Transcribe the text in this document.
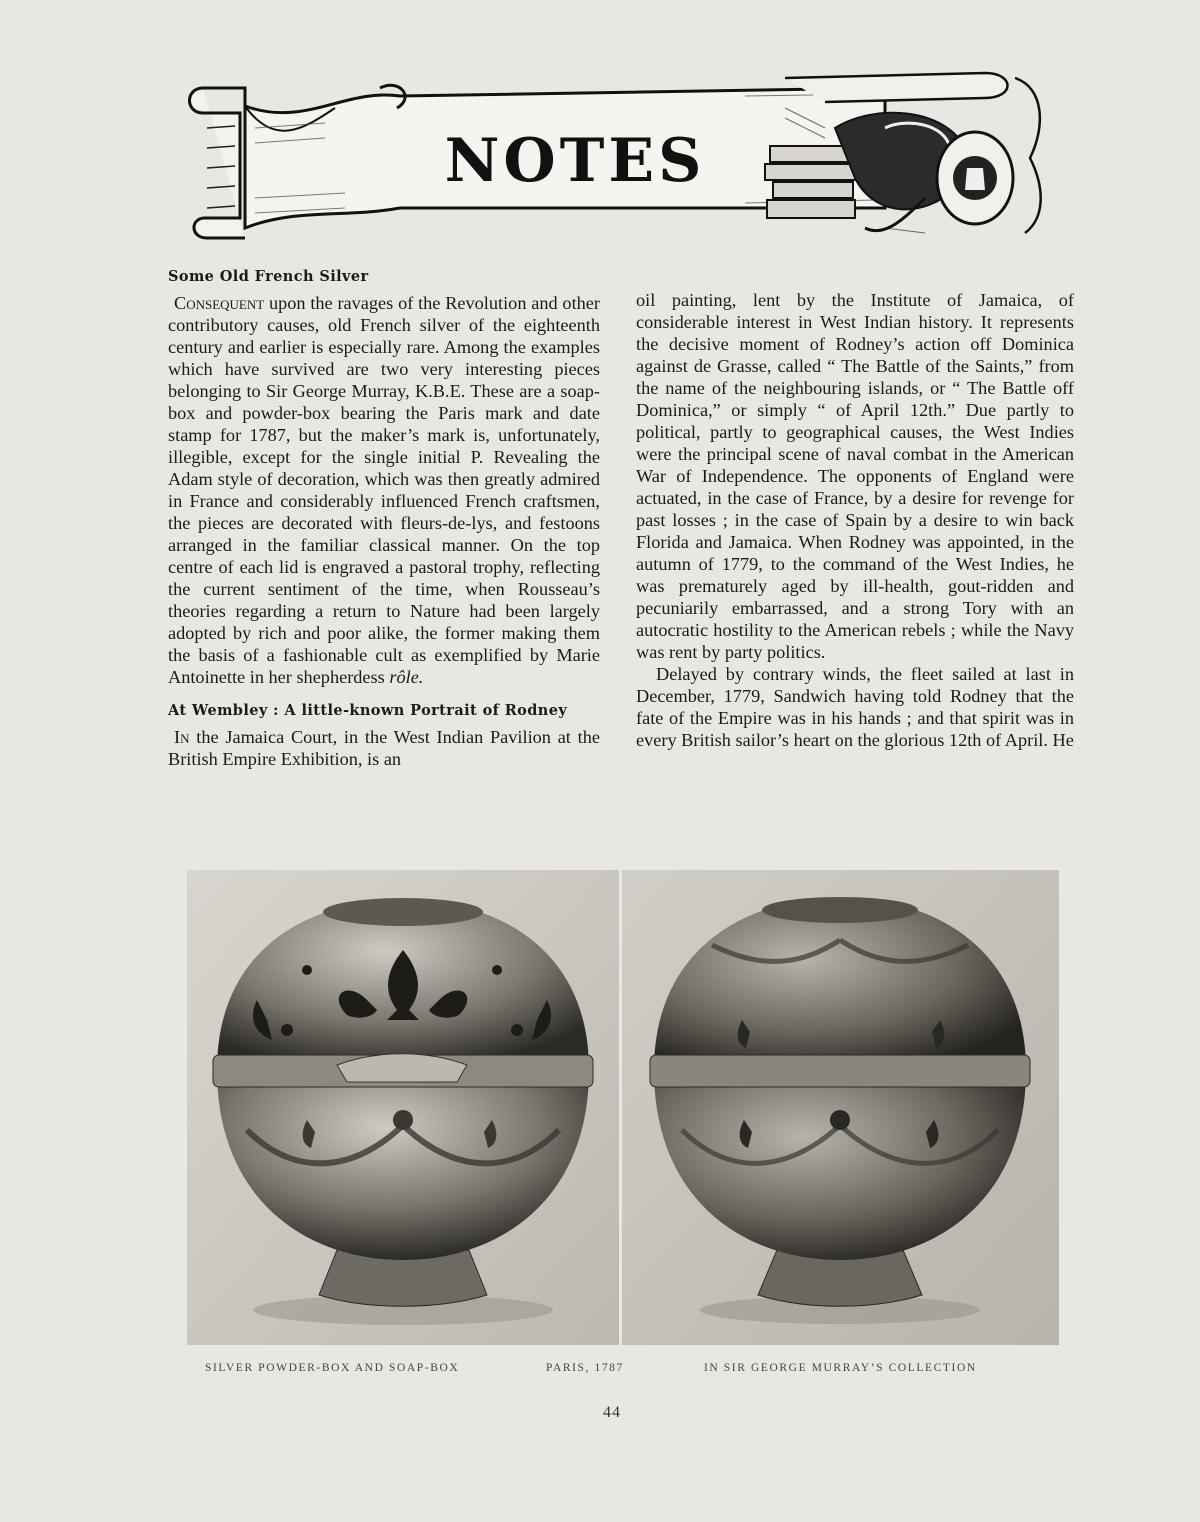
NOTES
Some Old French Silver

Consequent upon the ravages of the Revolution and other contributory causes, old French silver of the eighteenth century and earlier is especially rare. Among the examples which have survived are two very interesting pieces belonging to Sir George Murray, K.B.E. These are a soap-box and powder-box bearing the Paris mark and date stamp for 1787, but the maker’s mark is, unfortunately, illegible, except for the single initial P. Revealing the Adam style of decoration, which was then greatly admired in France and considerably influenced French craftsmen, the pieces are decorated with fleurs-de-lys, and festoons arranged in the familiar classical manner. On the top centre of each lid is engraved a pastoral trophy, reflecting the current sentiment of the time, when Rousseau’s theories regarding a return to Nature had been largely adopted by rich and poor alike, the former making them the basis of a fashionable cult as exemplified by Marie Antoinette in her shepherdess rôle.

At Wembley : A little-known Portrait of Rodney

In the Jamaica Court, in the West Indian Pavilion at the British Empire Exhibition, is an

oil painting, lent by the Institute of Jamaica, of considerable interest in West Indian history. It represents the decisive moment of Rodney’s action off Dominica against de Grasse, called “ The Battle of the Saints,” from the name of the neighbouring islands, or “ The Battle off Dominica,” or simply “ of April 12th.” Due partly to political, partly to geographical causes, the West Indies were the principal scene of naval combat in the American War of Independence. The opponents of England were actuated, in the case of France, by a desire for revenge for past losses ; in the case of Spain by a desire to win back Florida and Jamaica. When Rodney was appointed, in the autumn of 1779, to the command of the West Indies, he was prematurely aged by ill-health, gout-ridden and pecuniarily embarrassed, and a strong Tory with an autocratic hostility to the American rebels ; while the Navy was rent by party politics.

Delayed by contrary winds, the fleet sailed at last in December, 1779, Sandwich having told Rodney that the fate of the Empire was in his hands ; and that spirit was in every British sailor’s heart on the glorious 12th of April. He

SILVER POWDER-BOX AND SOAP-BOX	PARIS, 1787	IN SIR GEORGE MURRAY’S COLLECTION
44
